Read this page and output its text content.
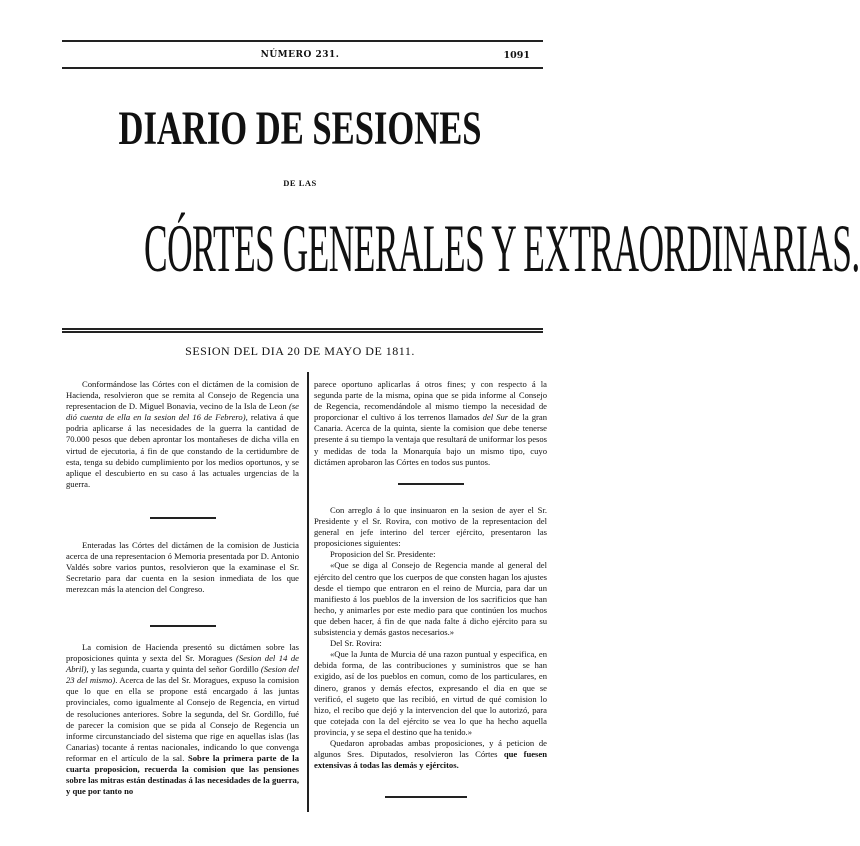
NÚMERO 231.	1091
DIARIO DE SESIONES
DE LAS
CÓRTES GENERALES Y EXTRAORDINARIAS.
SESION DEL DIA 20 DE MAYO DE 1811.

Conformándose las Córtes con el dictámen de la comision de Hacienda, resolvieron que se remita al Consejo de Regencia una representacion de D. Miguel Bonavia, vecino de la Isla de Leon (se dió cuenta de ella en la sesion del 16 de Febrero), relativa á que podria aplicarse á las necesidades de la guerra la cantidad de 70.000 pesos que deben aprontar los montañeses de dicha villa en virtud de ejecutoria, á fin de que constando de la certidumbre de esta, tenga su debido cumplimiento por los medios oportunos, y se aplique el descubierto en su caso á las actuales urgencias de la guerra.

Enteradas las Córtes del dictámen de la comision de Justicia acerca de una representacion ó Memoria presentada por D. Antonio Valdés sobre varios puntos, resolvieron que la examinase el Sr. Secretario para dar cuenta en la sesion inmediata de los que merezcan más la atencion del Congreso.

La comision de Hacienda presentó su dictámen sobre las proposiciones quinta y sexta del Sr. Moragues (Sesion del 14 de Abril), y las segunda, cuarta y quinta del señor Gordillo (Sesion del 23 del mismo). Acerca de las del Sr. Moragues, expuso la comision que lo que en ella se propone está encargado á las juntas provinciales, como igualmente al Consejo de Regencia, en virtud de resoluciones anteriores. Sobre la segunda, del Sr. Gordillo, fué de parecer la comision que se pida al Consejo de Regencia un informe circunstanciado del sistema que rige en aquellas islas (las Canarias) tocante á rentas nacionales, indicando lo que convenga reformar en el artículo de la sal. Sobre la primera parte de la cuarta proposicion, recuerda la comision que las pensiones sobre las mitras están destinadas á las necesidades de la guerra, y que por tanto no

parece oportuno aplicarlas á otros fines; y con respecto á la segunda parte de la misma, opina que se pida informe al Consejo de Regencia, recomendándole al mismo tiempo la necesidad de proporcionar el cultivo á los terrenos llamados del Sur de la gran Canaria. Acerca de la quinta, siente la comision que debe tenerse presente á su tiempo la ventaja que resultará de uniformar los pesos y medidas de toda la Monarquía bajo un mismo tipo, cuyo dictámen aprobaron las Córtes en todos sus puntos.

Con arreglo á lo que insinuaron en la sesion de ayer el Sr. Presidente y el Sr. Rovira, con motivo de la representacion del general en jefe interino del tercer ejército, presentaron las proposiciones siguientes:

Proposicion del Sr. Presidente:

«Que se diga al Consejo de Regencia mande al general del ejército del centro que los cuerpos de que consten hagan los ajustes desde el tiempo que entraron en el reino de Murcia, para dar un manifiesto á los pueblos de la inversion de los sacrificios que han hecho, y animarles por este medio para que continúen los muchos que deben hacer, á fin de que nada falte á dicho ejército para su subsistencia y demás gastos necesarios.»

Del Sr. Rovira:

«Que la Junta de Murcia dé una razon puntual y especifica, en debida forma, de las contribuciones y suministros que se han exigido, así de los pueblos en comun, como de los particulares, en dinero, granos y demás efectos, expresando el dia en que se verificó, el sugeto que las recibió, en virtud de qué comision lo hizo, el recibo que dejó y la intervencion del que lo autorizó, para que cotejada con la del ejército se vea lo que ha hecho aquella provincia, y se sepa el destino que ha tenido.»

Quedaron aprobadas ambas proposiciones, y á peticion de algunos Sres. Diputados, resolvieron las Córtes que fuesen extensivas á todas las demás y ejércitos.
